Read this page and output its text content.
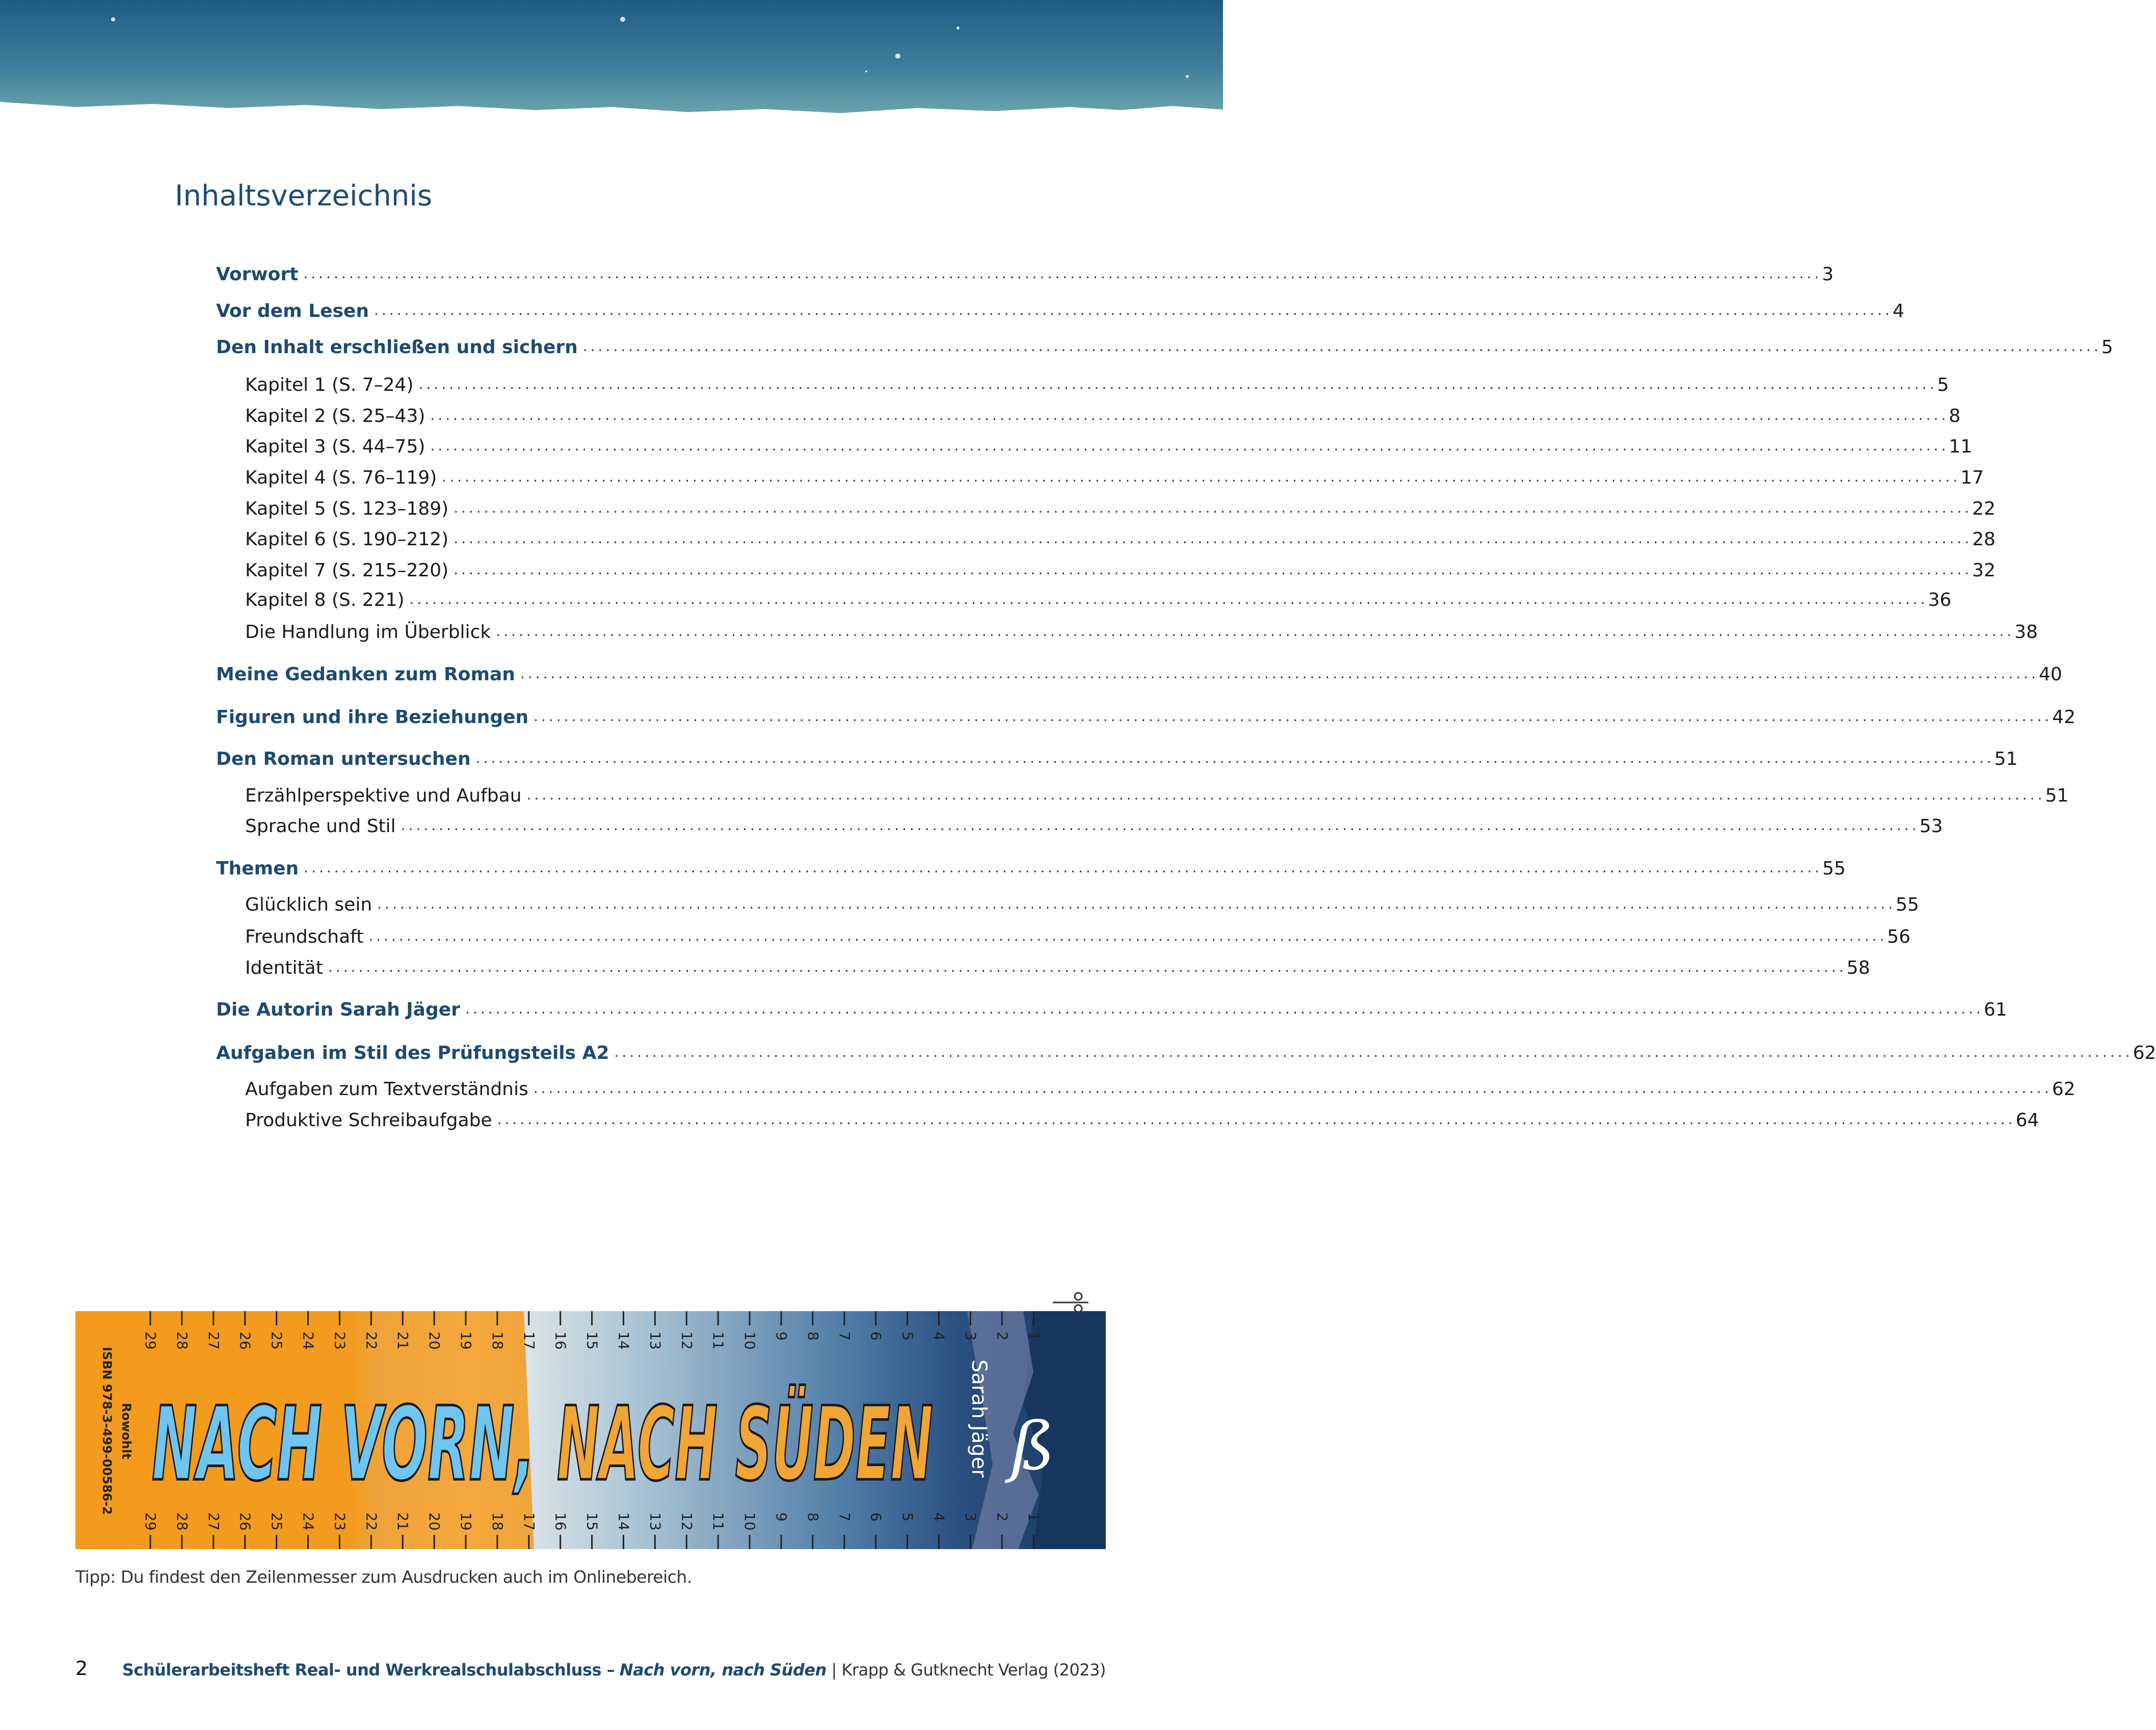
Inhaltsverzeichnis
Vorwort ........................................................................................................................................................................................................ 3
Vor dem Lesen ........................................................................................................................................................................................................ 4
Den Inhalt erschließen und sichern ........................................................................................................................................................................................................ 5
Kapitel 1 (S. 7–24) ........................................................................................................................................................................................................ 5
Kapitel 2 (S. 25–43) ........................................................................................................................................................................................................ 8
Kapitel 3 (S. 44–75) ........................................................................................................................................................................................................ 11
Kapitel 4 (S. 76–119) ........................................................................................................................................................................................................ 17
Kapitel 5 (S. 123–189) ........................................................................................................................................................................................................ 22
Kapitel 6 (S. 190–212) ........................................................................................................................................................................................................ 28
Kapitel 7 (S. 215–220) ........................................................................................................................................................................................................ 32
Kapitel 8 (S. 221) ........................................................................................................................................................................................................ 36
Die Handlung im Überblick ........................................................................................................................................................................................................ 38
Meine Gedanken zum Roman ........................................................................................................................................................................................................ 40
Figuren und ihre Beziehungen ........................................................................................................................................................................................................ 42
Den Roman untersuchen ........................................................................................................................................................................................................ 51
Erzählperspektive und Aufbau ........................................................................................................................................................................................................ 51
Sprache und Stil ........................................................................................................................................................................................................ 53
Themen ........................................................................................................................................................................................................ 55
Glücklich sein ........................................................................................................................................................................................................ 55
Freundschaft ........................................................................................................................................................................................................ 56
Identität ........................................................................................................................................................................................................ 58
Die Autorin Sarah Jäger ........................................................................................................................................................................................................ 61
Aufgaben im Stil des Prüfungsteils A2 ........................................................................................................................................................................................................ 62
Aufgaben zum Textverständnis ........................................................................................................................................................................................................ 62
Produktive Schreibaufgabe ........................................................................................................................................................................................................ 64
29
29
28
28
27
27
26
26
25
25
24
24
23
23
22
22
21
21
20
20
19
19
18
18
17
17
16
16
15
15
14
14
13
13
12
12
11
11
10
10
9
9
8
8
7
7
6
6
5
5
4
4
3
3
2
2
1
1
ISBN 978-3-499-00586-2 Rowohlt NACH VORN, NACH SÜDEN Sarah Jäger ß
Tipp: Du findest den Zeilenmesser zum Ausdrucken auch im Onlinebereich.
2 Schülerarbeitsheft Real- und Werkrealschulabschluss – Nach vorn, nach Süden | Krapp & Gutknecht Verlag (2023)
